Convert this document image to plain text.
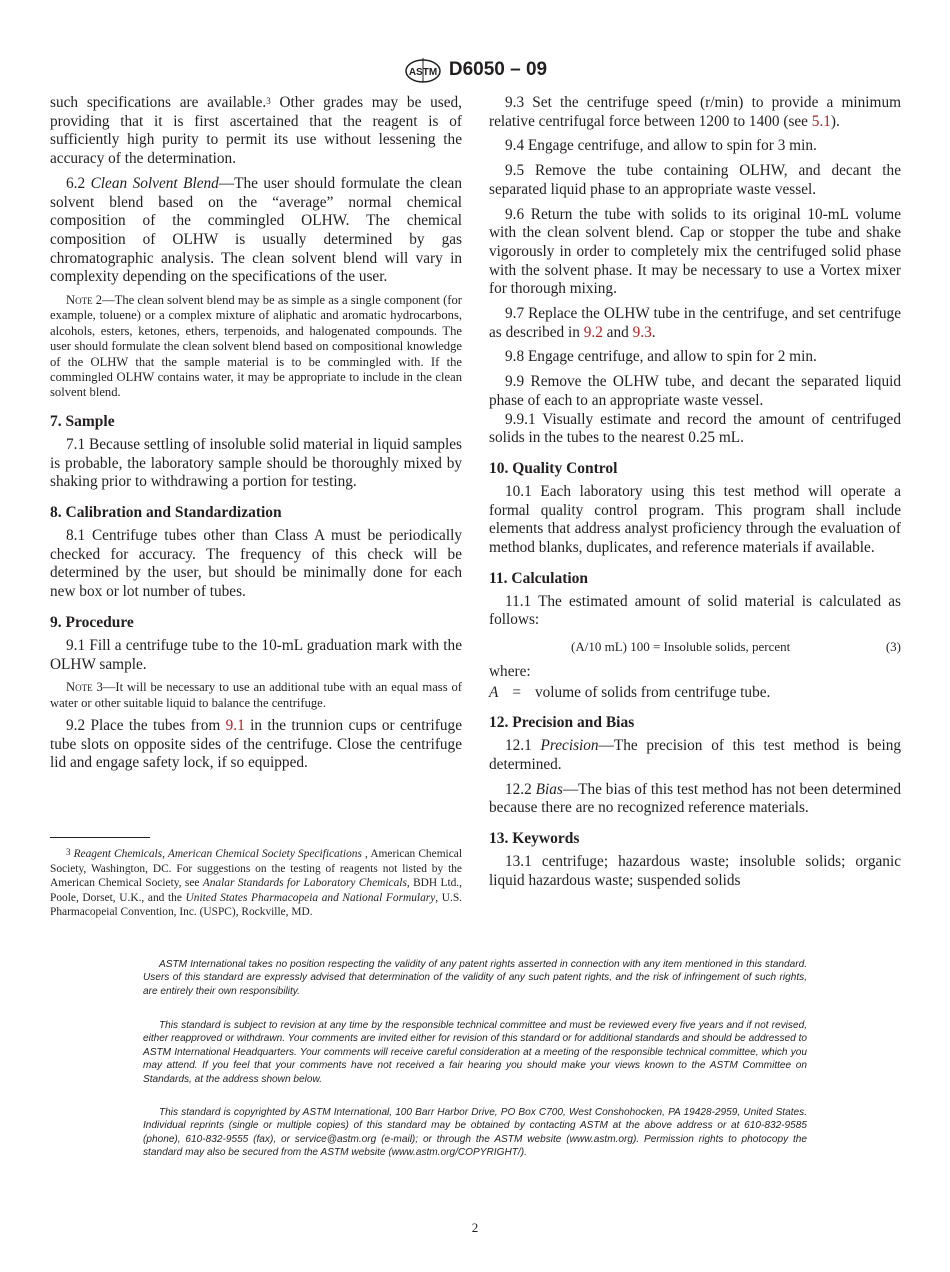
ASTM D6050 – 09

such specifications are available.$^3$ Other grades may be used, providing that it is first ascertained that the reagent is of sufficiently high purity to permit its use without lessening the accuracy of the determination.

6.2 Clean Solvent Blend—The user should formulate the clean solvent blend based on the “average” normal chemical composition of the commingled OLHW. The chemical composition of OLHW is usually determined by gas chromatographic analysis. The clean solvent blend will vary in complexity depending on the specifications of the user.

Note 2—The clean solvent blend may be as simple as a single component (for example, toluene) or a complex mixture of aliphatic and aromatic hydrocarbons, alcohols, esters, ketones, ethers, terpenoids, and halogenated compounds. The user should formulate the clean solvent blend based on compositional knowledge of the OLHW that the sample material is to be commingled with. If the commingled OLHW contains water, it may be appropriate to include in the clean solvent blend.

7. Sample

7.1 Because settling of insoluble solid material in liquid samples is probable, the laboratory sample should be thoroughly mixed by shaking prior to withdrawing a portion for testing.

8. Calibration and Standardization

8.1 Centrifuge tubes other than Class A must be periodically checked for accuracy. The frequency of this check will be determined by the user, but should be minimally done for each new box or lot number of tubes.

9. Procedure

9.1 Fill a centrifuge tube to the 10-mL graduation mark with the OLHW sample.

Note 3—It will be necessary to use an additional tube with an equal mass of water or other suitable liquid to balance the centrifuge.

9.2 Place the tubes from 9.1 in the trunnion cups or centrifuge tube slots on opposite sides of the centrifuge. Close the centrifuge lid and engage safety lock, if so equipped.

$^3$ Reagent Chemicals, American Chemical Society Specifications , American Chemical Society, Washington, DC. For suggestions on the testing of reagents not listed by the American Chemical Society, see Analar Standards for Laboratory Chemicals, BDH Ltd., Poole, Dorset, U.K., and the United States Pharmacopeia and National Formulary, U.S. Pharmacopeial Convention, Inc. (USPC), Rockville, MD.

9.3 Set the centrifuge speed (r/min) to provide a minimum relative centrifugal force between 1200 to 1400 (see 5.1).

9.4 Engage centrifuge, and allow to spin for 3 min.

9.5 Remove the tube containing OLHW, and decant the separated liquid phase to an appropriate waste vessel.

9.6 Return the tube with solids to its original 10-mL volume with the clean solvent blend. Cap or stopper the tube and shake vigorously in order to completely mix the centrifuged solid phase with the solvent phase. It may be necessary to use a Vortex mixer for thorough mixing.

9.7 Replace the OLHW tube in the centrifuge, and set centrifuge as described in 9.2 and 9.3.

9.8 Engage centrifuge, and allow to spin for 2 min.

9.9 Remove the OLHW tube, and decant the separated liquid phase of each to an appropriate waste vessel.

9.9.1 Visually estimate and record the amount of centrifuged solids in the tubes to the nearest 0.25 mL.

10. Quality Control

10.1 Each laboratory using this test method will operate a formal quality control program. This program shall include elements that address analyst proficiency through the evaluation of method blanks, duplicates, and reference materials if available.

11. Calculation

11.1 The estimated amount of solid material is calculated as follows:

(A/10 mL) 100 = Insoluble solids, percent	(3)
where:
A = volume of solids from centrifuge tube.
12. Precision and Bias

12.1 Precision—The precision of this test method is being determined.

12.2 Bias—The bias of this test method has not been determined because there are no recognized reference materials.

13. Keywords

13.1 centrifuge; hazardous waste; insoluble solids; organic liquid hazardous waste; suspended solids

ASTM International takes no position respecting the validity of any patent rights asserted in connection with any item mentioned in this standard. Users of this standard are expressly advised that determination of the validity of any such patent rights, and the risk of infringement of such rights, are entirely their own responsibility.
This standard is subject to revision at any time by the responsible technical committee and must be reviewed every five years and if not revised, either reapproved or withdrawn. Your comments are invited either for revision of this standard or for additional standards and should be addressed to ASTM International Headquarters. Your comments will receive careful consideration at a meeting of the responsible technical committee, which you may attend. If you feel that your comments have not received a fair hearing you should make your views known to the ASTM Committee on Standards, at the address shown below.
This standard is copyrighted by ASTM International, 100 Barr Harbor Drive, PO Box C700, West Conshohocken, PA 19428-2959, United States. Individual reprints (single or multiple copies) of this standard may be obtained by contacting ASTM at the above address or at 610-832-9585 (phone), 610-832-9555 (fax), or service@astm.org (e-mail); or through the ASTM website (www.astm.org). Permission rights to photocopy the standard may also be secured from the ASTM website (www.astm.org/COPYRIGHT/).
2
